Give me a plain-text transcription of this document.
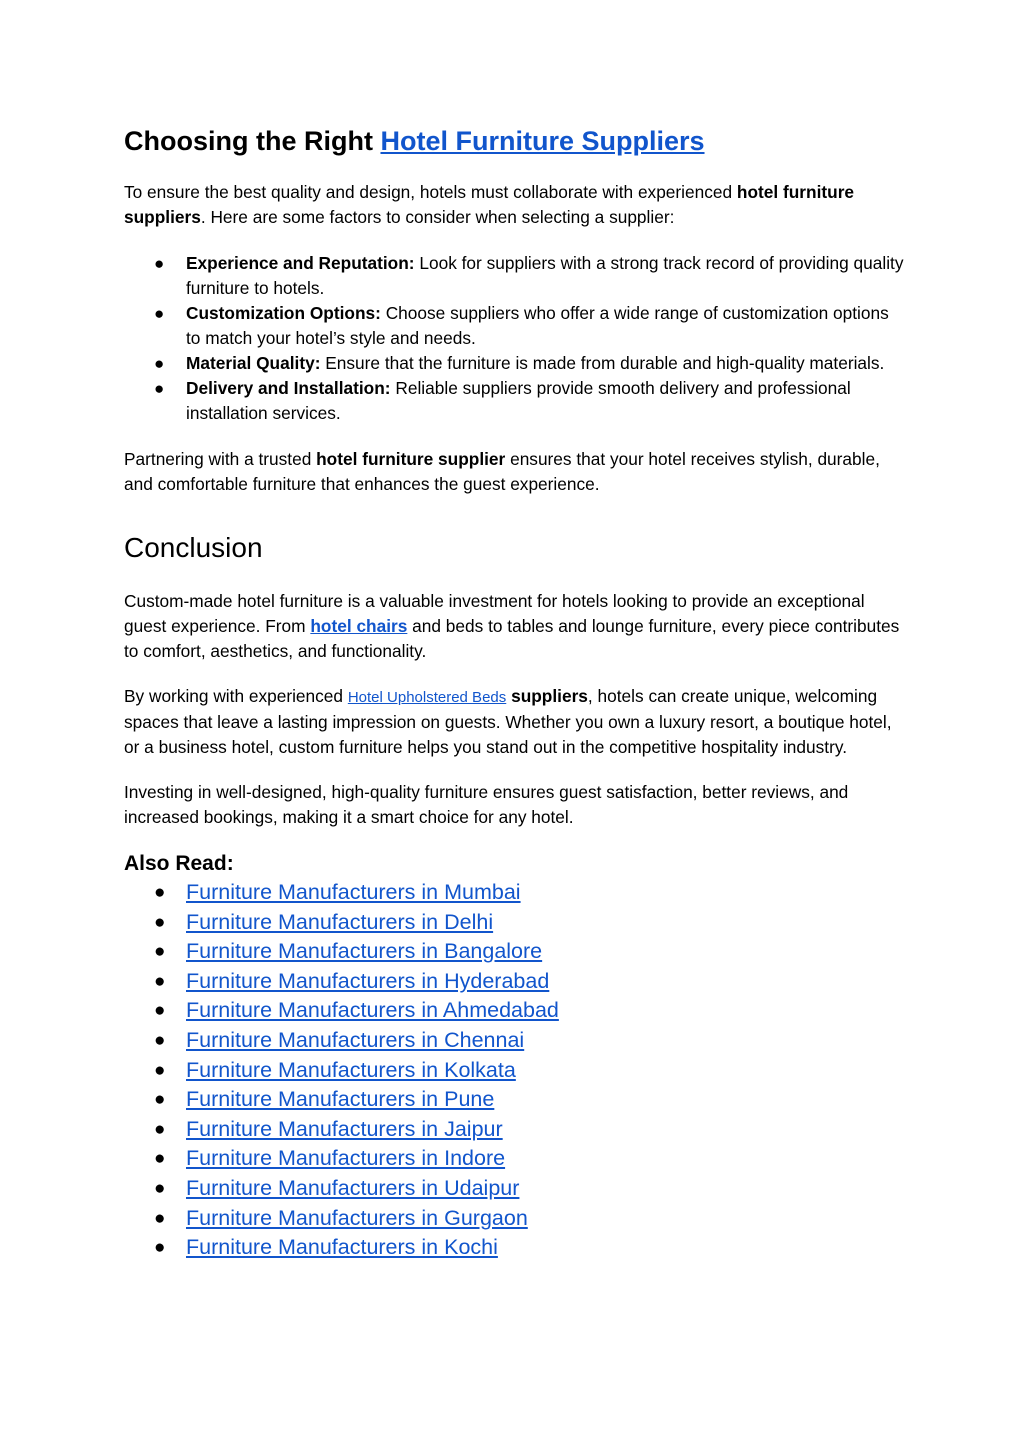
Choosing the Right Hotel Furniture Suppliers

To ensure the best quality and design, hotels must collaborate with experienced hotel furniture suppliers. Here are some factors to consider when selecting a supplier:

● Experience and Reputation: Look for suppliers with a strong track record of providing quality furniture to hotels.
● Customization Options: Choose suppliers who offer a wide range of customization options to match your hotel’s style and needs.
● Material Quality: Ensure that the furniture is made from durable and high-quality materials.
● Delivery and Installation: Reliable suppliers provide smooth delivery and professional installation services.

Partnering with a trusted hotel furniture supplier ensures that your hotel receives stylish, durable, and comfortable furniture that enhances the guest experience.

Conclusion

Custom-made hotel furniture is a valuable investment for hotels looking to provide an exceptional guest experience. From hotel chairs and beds to tables and lounge furniture, every piece contributes to comfort, aesthetics, and functionality.

By working with experienced Hotel Upholstered Beds suppliers, hotels can create unique, welcoming spaces that leave a lasting impression on guests. Whether you own a luxury resort, a boutique hotel, or a business hotel, custom furniture helps you stand out in the competitive hospitality industry.

Investing in well-designed, high-quality furniture ensures guest satisfaction, better reviews, and increased bookings, making it a smart choice for any hotel.

Also Read:
● Furniture Manufacturers in Mumbai
● Furniture Manufacturers in Delhi
● Furniture Manufacturers in Bangalore
● Furniture Manufacturers in Hyderabad
● Furniture Manufacturers in Ahmedabad
● Furniture Manufacturers in Chennai
● Furniture Manufacturers in Kolkata
● Furniture Manufacturers in Pune
● Furniture Manufacturers in Jaipur
● Furniture Manufacturers in Indore
● Furniture Manufacturers in Udaipur
● Furniture Manufacturers in Gurgaon
● Furniture Manufacturers in Kochi
